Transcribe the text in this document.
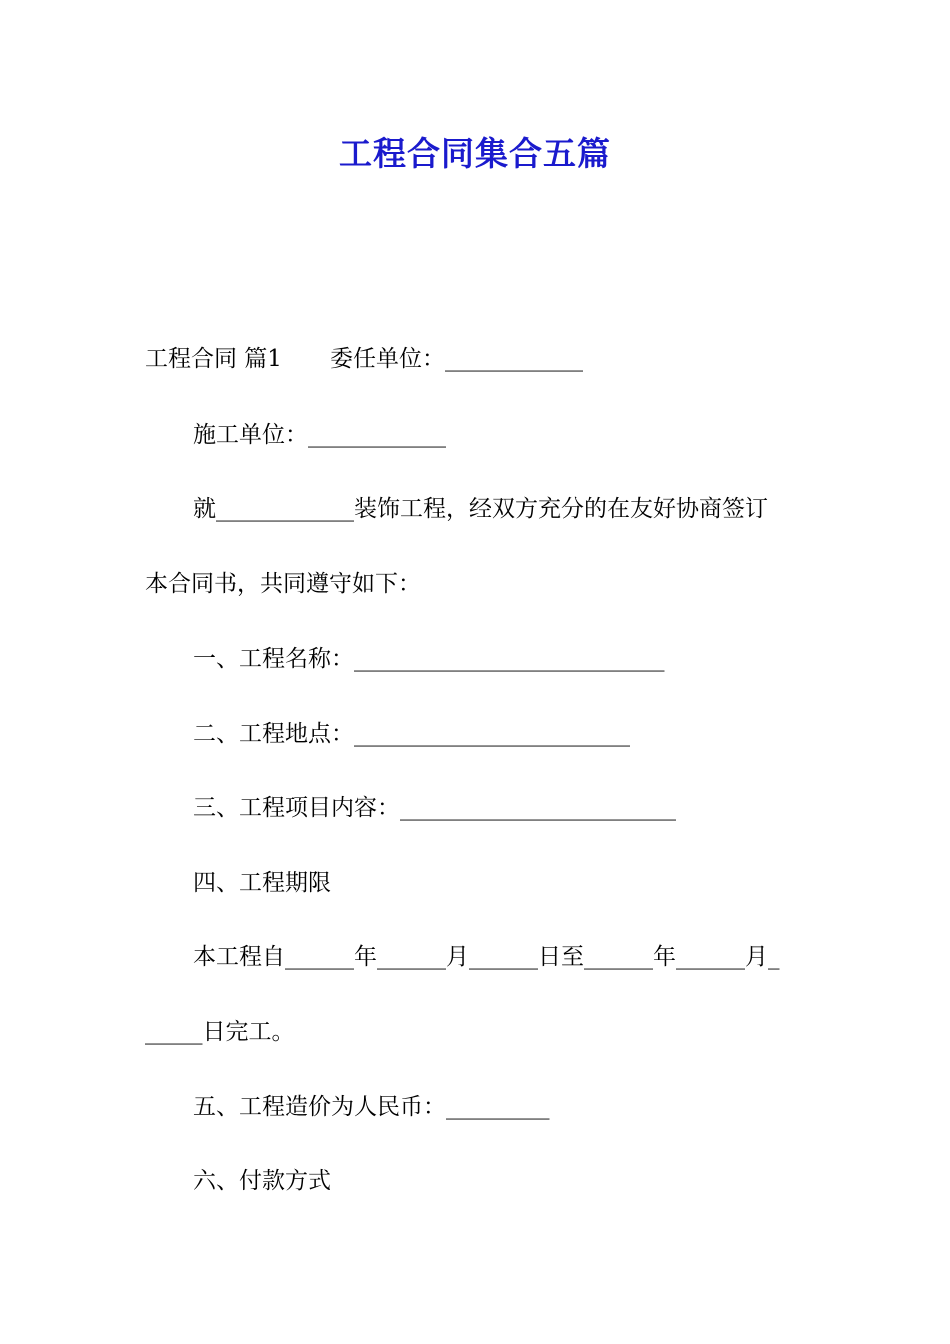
工程合同集合五篇
工程合同 篇1 委任单位：____________
施工单位：____________
就____________装饰工程，经双方充分的在友好协商签订
本合同书，共同遵守如下：
一、工程名称：___________________________
二、工程地点：________________________
三、工程项目内容：________________________
四、工程期限
本工程自______年______月______日至______年______月_
_____日完工。
五、工程造价为人民币：_________
六、付款方式
